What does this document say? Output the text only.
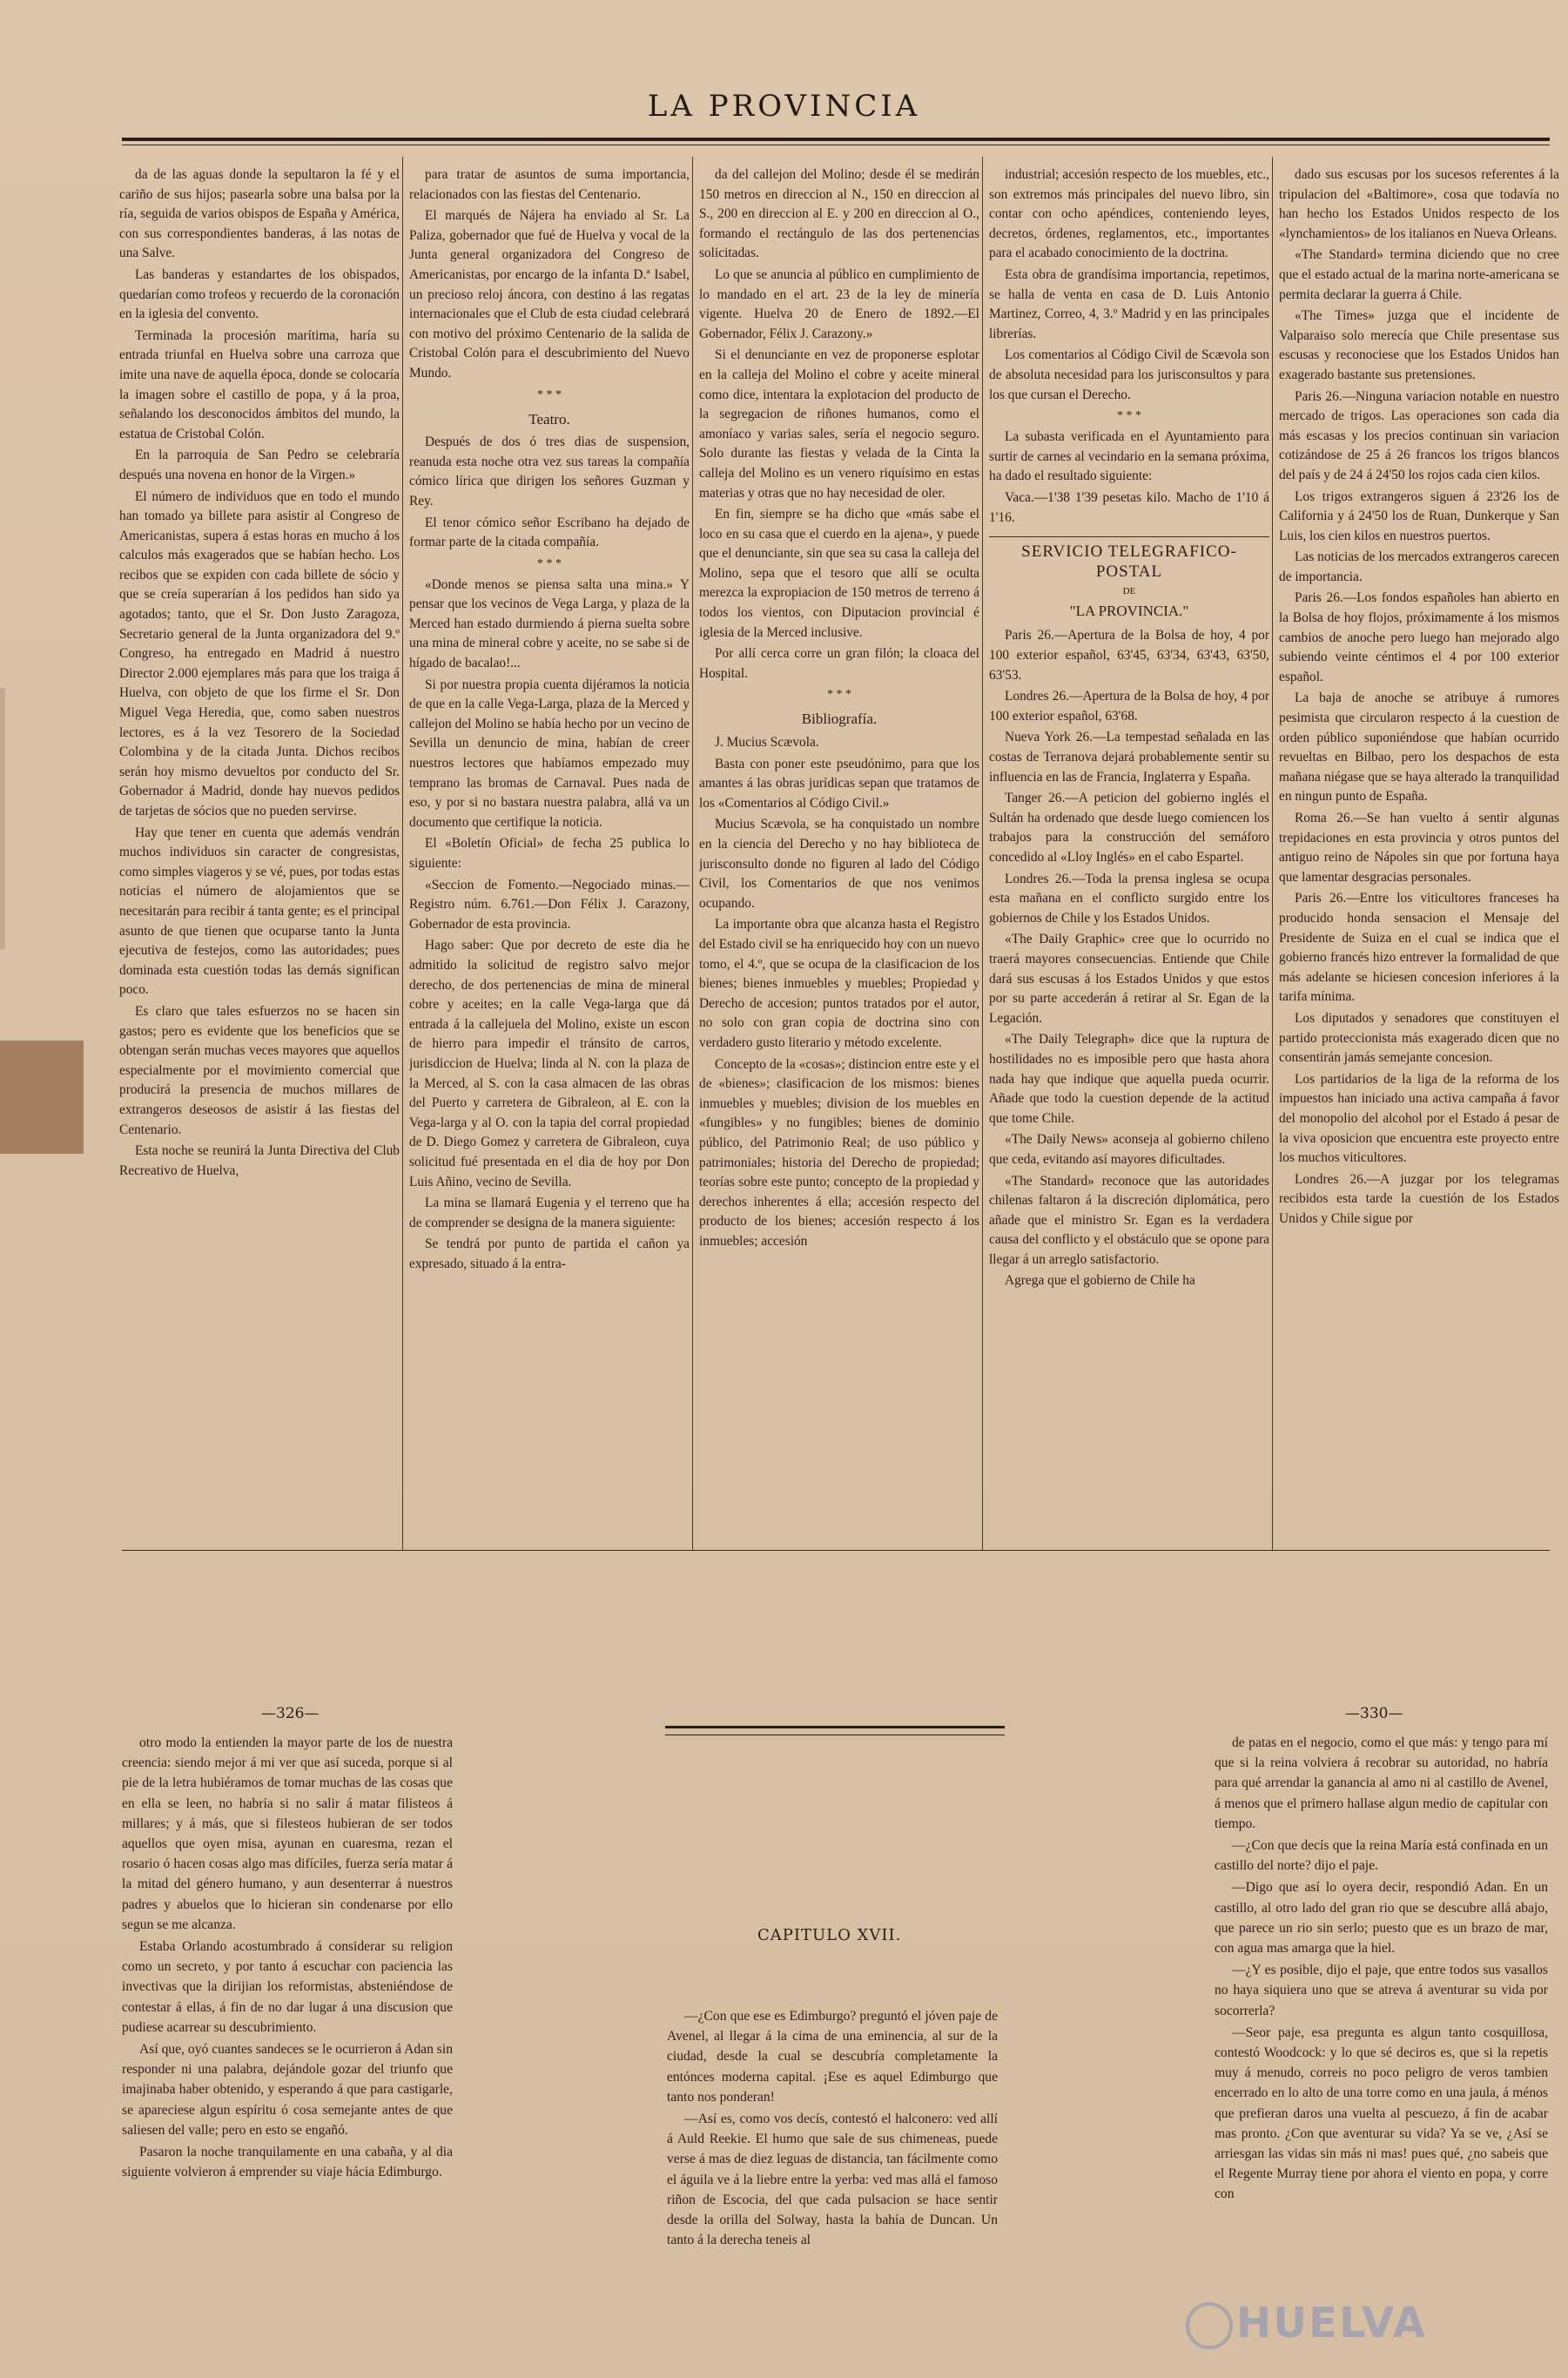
LA PROVINCIA

da de las aguas donde la sepultaron la fé y el cariño de sus hijos; pasearla sobre una balsa por la ría, seguida de varios obispos de España y América, con sus correspondientes banderas, á las notas de una Salve.

Las banderas y estandartes de los obispados, quedarían como trofeos y recuerdo de la coronación en la iglesia del convento.

Terminada la procesión marítima, haría su entrada triunfal en Huelva sobre una carroza que imite una nave de aquella época, donde se colocaría la imagen sobre el castillo de popa, y á la proa, señalando los desconocidos ámbitos del mundo, la estatua de Cristobal Colón.

En la parroquia de San Pedro se celebraría después una novena en honor de la Virgen.»

El número de individuos que en todo el mundo han tomado ya billete para asistir al Congreso de Americanistas, supera á estas horas en mucho á los calculos más exagerados que se habían hecho. Los recibos que se expiden con cada billete de sócio y que se creía superarían á los pedidos han sido ya agotados; tanto, que el Sr. Don Justo Zaragoza, Secretario general de la Junta organizadora del 9.º Congreso, ha entregado en Madrid á nuestro Director 2.000 ejemplares más para que los traiga á Huelva, con objeto de que los firme el Sr. Don Miguel Vega Heredia, que, como saben nuestros lectores, es á la vez Tesorero de la Sociedad Colombina y de la citada Junta. Dichos recibos serán hoy mismo devueltos por conducto del Sr. Gobernador á Madrid, donde hay nuevos pedidos de tarjetas de sócios que no pueden servirse.

Hay que tener en cuenta que además vendrán muchos individuos sin caracter de congresistas, como simples viageros y se vé, pues, por todas estas noticias el número de alojamientos que se necesitarán para recibir á tanta gente; es el principal asunto de que tienen que ocuparse tanto la Junta ejecutiva de festejos, como las autoridades; pues dominada esta cuestión todas las demás significan poco.

Es claro que tales esfuerzos no se hacen sin gastos; pero es evidente que los beneficios que se obtengan serán muchas veces mayores que aquellos especialmente por el movimiento comercial que producirá la presencia de muchos millares de extrangeros deseosos de asistir á las fiestas del Centenario.

Esta noche se reunirá la Junta Directiva del Club Recreativo de Huelva,

para tratar de asuntos de suma importancia, relacionados con las fiestas del Centenario.

El marqués de Nájera ha enviado al Sr. La Paliza, gobernador que fué de Huelva y vocal de la Junta general organizadora del Congreso de Americanistas, por encargo de la infanta D.ª Isabel, un precioso reloj áncora, con destino á las regatas internacionales que el Club de esta ciudad celebrará con motivo del próximo Centenario de la salida de Cristobal Colón para el descubrimiento del Nuevo Mundo.

* * *
Teatro.

Después de dos ó tres dias de suspension, reanuda esta noche otra vez sus tareas la compañía cómico lírica que dirigen los señores Guzman y Rey.

El tenor cómico señor Escribano ha dejado de formar parte de la citada compañía.

* * *

«Donde menos se piensa salta una mina.» Y pensar que los vecinos de Vega Larga, y plaza de la Merced han estado durmiendo á pierna suelta sobre una mina de mineral cobre y aceite, no se sabe si de hígado de bacalao!...

Si por nuestra propia cuenta dijéramos la noticia de que en la calle Vega-Larga, plaza de la Merced y callejon del Molino se había hecho por un vecino de Sevilla un denuncio de mina, habían de creer nuestros lectores que habíamos empezado muy temprano las bromas de Carnaval. Pues nada de eso, y por si no bastara nuestra palabra, allá va un documento que certifique la noticia.

El «Boletín Oficial» de fecha 25 publica lo siguiente:

«Seccion de Fomento.—Negociado minas.—Registro núm. 6.761.—Don Félix J. Carazony, Gobernador de esta provincia.

Hago saber: Que por decreto de este dia he admitido la solicitud de registro salvo mejor derecho, de dos pertenencias de mina de mineral cobre y aceites; en la calle Vega-larga que dá entrada á la callejuela del Molino, existe un escon de hierro para impedir el tránsito de carros, jurisdiccion de Huelva; linda al N. con la plaza de la Merced, al S. con la casa almacen de las obras del Puerto y carretera de Gibraleon, al E. con la Vega-larga y al O. con la tapia del corral propiedad de D. Diego Gomez y carretera de Gibraleon, cuya solicitud fué presentada en el dia de hoy por Don Luis Añino, vecino de Sevilla.

La mina se llamará Eugenia y el terreno que ha de comprender se designa de la manera siguiente:

Se tendrá por punto de partida el cañon ya expresado, situado á la entra-

da del callejon del Molino; desde él se medirán 150 metros en direccion al N., 150 en direccion al S., 200 en direccion al E. y 200 en direccion al O., formando el rectángulo de las dos pertenencias solicitadas.

Lo que se anuncia al público en cumplimiento de lo mandado en el art. 23 de la ley de minería vigente. Huelva 20 de Enero de 1892.—El Gobernador, Félix J. Carazony.»

Si el denunciante en vez de proponerse esplotar en la calleja del Molino el cobre y aceite mineral como dice, intentara la explotacion del producto de la segregacion de riñones humanos, como el amoníaco y varias sales, sería el negocio seguro. Solo durante las fiestas y velada de la Cinta la calleja del Molino es un venero riquísimo en estas materias y otras que no hay necesidad de oler.

En fin, siempre se ha dicho que «más sabe el loco en su casa que el cuerdo en la ajena», y puede que el denunciante, sin que sea su casa la calleja del Molino, sepa que el tesoro que allí se oculta merezca la expropiacion de 150 metros de terreno á todos los vientos, con Diputacion provincial é iglesia de la Merced inclusive.

Por allí cerca corre un gran filón; la cloaca del Hospital.

* * *
Bibliografía.

J. Mucius Scævola.

Basta con poner este pseudónimo, para que los amantes á las obras jurídicas sepan que tratamos de los «Comentarios al Código Civil.»

Mucius Scævola, se ha conquistado un nombre en la ciencia del Derecho y no hay biblioteca de jurisconsulto donde no figuren al lado del Código Civil, los Comentarios de que nos venimos ocupando.

La importante obra que alcanza hasta el Registro del Estado civil se ha enriquecido hoy con un nuevo tomo, el 4.º, que se ocupa de la clasificacion de los bienes; bienes inmuebles y muebles; Propiedad y Derecho de accesion; puntos tratados por el autor, no solo con gran copia de doctrina sino con verdadero gusto literario y método excelente.

Concepto de la «cosas»; distincion entre este y el de «bienes»; clasificacion de los mismos: bienes inmuebles y muebles; division de los muebles en «fungibles» y no fungibles; bienes de dominio público, del Patrimonio Real; de uso público y patrimoniales; historia del Derecho de propiedad; teorías sobre este punto; concepto de la propiedad y derechos inherentes á ella; accesión respecto del producto de los bienes; accesión respecto á los inmuebles; accesión

industrial; accesión respecto de los muebles, etc., son extremos más principales del nuevo libro, sin contar con ocho apéndices, conteniendo leyes, decretos, órdenes, reglamentos, etc., importantes para el acabado conocimiento de la doctrina.

Esta obra de grandísima importancia, repetimos, se halla de venta en casa de D. Luis Antonio Martinez, Correo, 4, 3.º Madrid y en las principales librerías.

Los comentarios al Código Civil de Scævola son de absoluta necesidad para los jurisconsultos y para los que cursan el Derecho.

* * *

La subasta verificada en el Ayuntamiento para surtir de carnes al vecindario en la semana próxima, ha dado el resultado siguiente:

Vaca.—1'38 1'39 pesetas kilo. Macho de 1'10 á 1'16.

SERVICIO TELEGRAFICO-POSTAL
DE
"LA PROVINCIA."

Paris 26.—Apertura de la Bolsa de hoy, 4 por 100 exterior español, 63'45, 63'34, 63'43, 63'50, 63'53.

Londres 26.—Apertura de la Bolsa de hoy, 4 por 100 exterior español, 63'68.

Nueva York 26.—La tempestad señalada en las costas de Terranova dejará probablemente sentir su influencia en las de Francia, Inglaterra y España.

Tanger 26.—A peticion del gobierno inglés el Sultán ha ordenado que desde luego comiencen los trabajos para la construcción del semáforo concedido al «Lloy Inglés» en el cabo Espartel.

Londres 26.—Toda la prensa inglesa se ocupa esta mañana en el conflicto surgido entre los gobiernos de Chile y los Estados Unidos.

«The Daily Graphic» cree que lo ocurrido no traerá mayores consecuencias. Entiende que Chile dará sus escusas á los Estados Unidos y que estos por su parte accederán á retirar al Sr. Egan de la Legación.

«The Daily Telegraph» dice que la ruptura de hostilidades no es imposible pero que hasta ahora nada hay que indique que aquella pueda ocurrir. Añade que todo la cuestion depende de la actitud que tome Chile.

«The Daily News» aconseja al gobierno chileno que ceda, evitando así mayores dificultades.

«The Standard» reconoce que las autoridades chilenas faltaron á la discreción diplomática, pero añade que el ministro Sr. Egan es la verdadera causa del conflicto y el obstáculo que se opone para llegar á un arreglo satisfactorio.

Agrega que el gobierno de Chile ha

dado sus escusas por los sucesos referentes á la tripulacion del «Baltimore», cosa que todavía no han hecho los Estados Unidos respecto de los «lynchamientos» de los italianos en Nueva Orleans.

«The Standard» termina diciendo que no cree que el estado actual de la marina norte-americana se permita declarar la guerra á Chile.

«The Times» juzga que el incidente de Valparaiso solo merecía que Chile presentase sus escusas y reconociese que los Estados Unidos han exagerado bastante sus pretensiones.

Paris 26.—Ninguna variacion notable en nuestro mercado de trigos. Las operaciones son cada dia más escasas y los precios continuan sin variacion cotizándose de 25 á 26 francos los trigos blancos del país y de 24 á 24'50 los rojos cada cien kilos.

Los trigos extrangeros siguen á 23'26 los de California y á 24'50 los de Ruan, Dunkerque y San Luis, los cien kilos en nuestros puertos.

Las noticias de los mercados extrangeros carecen de importancia.

Paris 26.—Los fondos españoles han abierto en la Bolsa de hoy flojos, próximamente á los mismos cambios de anoche pero luego han mejorado algo subiendo veinte céntimos el 4 por 100 exterior español.

La baja de anoche se atribuye á rumores pesimista que circularon respecto á la cuestion de orden público suponiéndose que habían ocurrido revueltas en Bilbao, pero los despachos de esta mañana niégase que se haya alterado la tranquilidad en ningun punto de España.

Roma 26.—Se han vuelto á sentir algunas trepidaciones en esta provincia y otros puntos del antiguo reino de Nápoles sin que por fortuna haya que lamentar desgracias personales.

Paris 26.—Entre los viticultores franceses ha producido honda sensacion el Mensaje del Presidente de Suiza en el cual se indica que el gobierno francés hizo entrever la formalidad de que más adelante se hiciesen concesion inferiores á la tarifa mínima.

Los diputados y senadores que constituyen el partido proteccionista más exagerado dicen que no consentirán jamás semejante concesion.

Los partidarios de la liga de la reforma de los impuestos han iniciado una activa campaña á favor del monopolio del alcohol por el Estado á pesar de la viva oposicion que encuentra este proyecto entre los muchos viticultores.

Londres 26.—A juzgar por los telegramas recibidos esta tarde la cuestión de los Estados Unidos y Chile sigue por

—326—	—330—

otro modo la entienden la mayor parte de los de nuestra creencia: siendo mejor á mi ver que así suceda, porque si al pie de la letra hubiéramos de tomar muchas de las cosas que en ella se leen, no habría si no salir á matar filisteos á millares; y á más, que si filesteos hubieran de ser todos aquellos que oyen misa, ayunan en cuaresma, rezan el rosario ó hacen cosas algo mas difíciles, fuerza sería matar á la mitad del género humano, y aun desenterrar á nuestros padres y abuelos que lo hicieran sin condenarse por ello segun se me alcanza.

Estaba Orlando acostumbrado á considerar su religion como un secreto, y por tanto á escuchar con paciencia las invectivas que la dirijian los reformistas, absteniéndose de contestar á ellas, á fin de no dar lugar á una discusion que pudiese acarrear su descubrimiento.

Así que, oyó cuantes sandeces se le ocurrieron á Adan sin responder ni una palabra, dejándole gozar del triunfo que imajinaba haber obtenido, y esperando á que para castigarle, se apareciese algun espíritu ó cosa semejante antes de que saliesen del valle; pero en esto se engañó.

Pasaron la noche tranquilamente en una cabaña, y al dia siguiente volvieron á emprender su viaje hácia Edimburgo.

CAPITULO XVII.

—¿Con que ese es Edimburgo? preguntó el jóven paje de Avenel, al llegar á la cima de una eminencia, al sur de la ciudad, desde la cual se descubría completamente la entónces moderna capital. ¡Ese es aquel Edimburgo que tanto nos ponderan!

—Así es, como vos decís, contestó el halconero: ved allí á Auld Reekie. El humo que sale de sus chimeneas, puede verse á mas de diez leguas de distancia, tan fácilmente como el águila ve á la liebre entre la yerba: ved mas allá el famoso riñon de Escocia, del que cada pulsacion se hace sentir desde la orilla del Solway, hasta la bahía de Duncan. Un tanto á la derecha teneis al

de patas en el negocio, como el que más: y tengo para mí que si la reina volviera á recobrar su autoridad, no habría para qué arrendar la ganancia al amo ni al castillo de Avenel, á menos que el primero hallase algun medio de capitular con tiempo.

—¿Con que decís que la reina María está confinada en un castillo del norte? dijo el paje.

—Digo que así lo oyera decir, respondió Adan. En un castillo, al otro lado del gran rio que se descubre allá abajo, que parece un rio sin serlo; puesto que es un brazo de mar, con agua mas amarga que la hiel.

—¿Y es posible, dijo el paje, que entre todos sus vasallos no haya siquiera uno que se atreva á aventurar su vida por socorrerla?

—Seor paje, esa pregunta es algun tanto cosquillosa, contestó Woodcock: y lo que sé deciros es, que si la repetis muy á menudo, correis no poco peligro de veros tambien encerrado en lo alto de una torre como en una jaula, á ménos que prefieran daros una vuelta al pescuezo, á fin de acabar mas pronto. ¿Con que aventurar su vida? Ya se ve, ¿Así se arriesgan las vidas sin más ni mas! pues qué, ¿no sabeis que el Regente Murray tiene por ahora el viento en popa, y corre con

HUELVA
